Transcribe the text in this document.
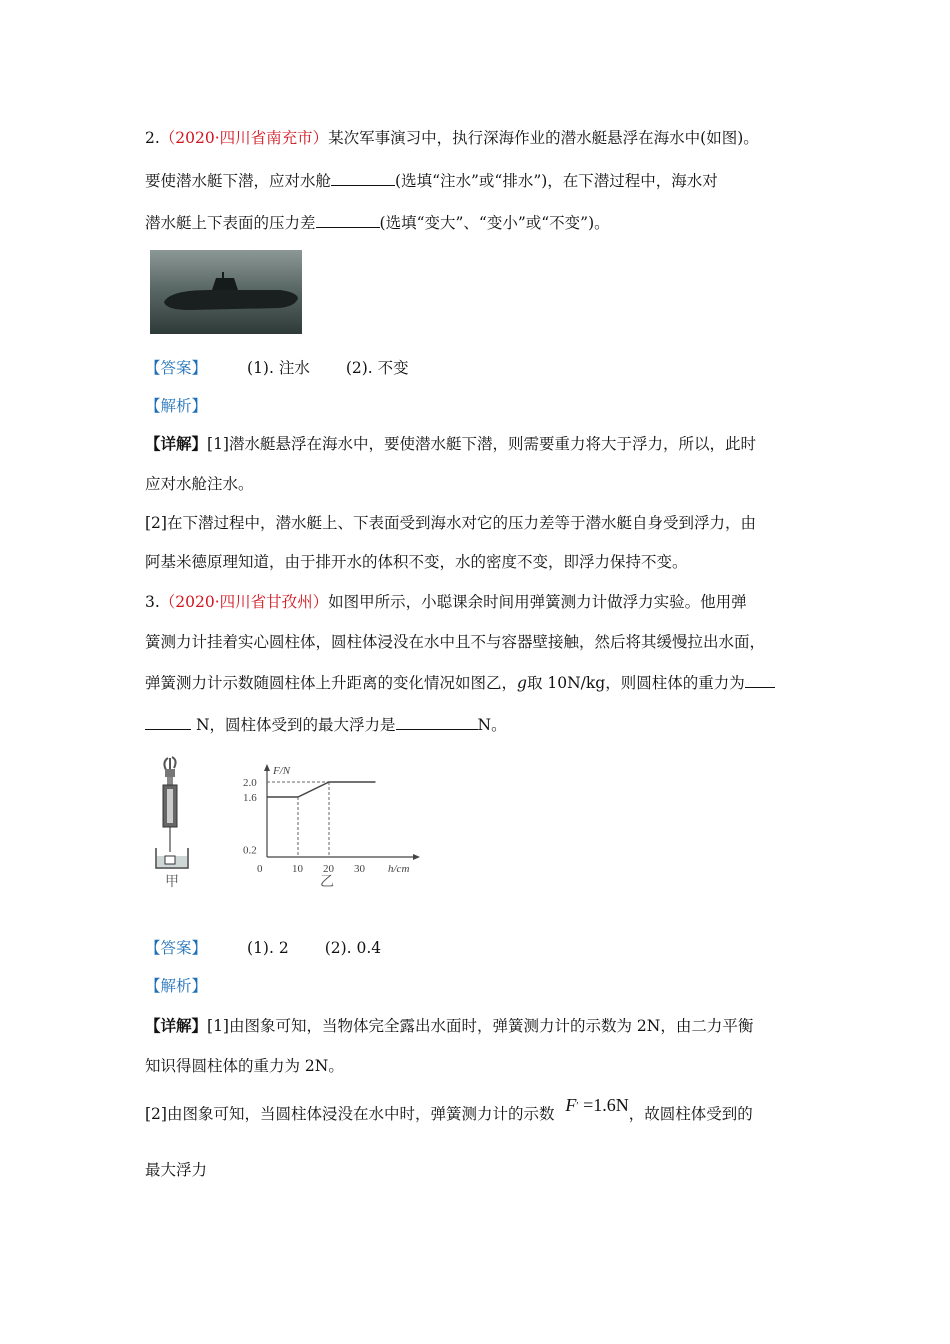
2.（2020·四川省南充市）某次军事演习中，执行深海作业的潜水艇悬浮在海水中(如图)。
要使潜水艇下潜，应对水舱	(选填“注水”或“排水”)，在下潜过程中，海水对
潜水艇上下表面的压力差	(选填“变大”、“变小”或“不变”)。
【答案】	(1). 注水 (2). 不变
【解析】
【详解】[1]潜水艇悬浮在海水中，要使潜水艇下潜，则需要重力将大于浮力，所以，此时
应对水舱注水。
[2]在下潜过程中，潜水艇上、下表面受到海水对它的压力差等于潜水艇自身受到浮力，由
阿基米德原理知道，由于排开水的体积不变，水的密度不变，即浮力保持不变。
3.（2020·四川省甘孜州）如图甲所示，小聪课余时间用弹簧测力计做浮力实验。他用弹
簧测力计挂着实心圆柱体，圆柱体浸没在水中且不与容器壁接触，然后将其缓慢拉出水面，
弹簧测力计示数随圆柱体上升距离的变化情况如图乙，g取 10N/kg，则圆柱体的重力为
N，圆柱体受到的最大浮力是	N。
甲
0	10 20 30
0.2
1.6
2.0
F/N
h/cm
乙
【答案】	(1). 2 (2). 0.4
【解析】
【详解】[1]由图象可知，当物体完全露出水面时，弹簧测力计的示数为 2N，由二力平衡
知识得圆柱体的重力为 2N。
[2]由图象可知，当圆柱体浸没在水中时，弹簧测力计的示数 F′ =1.6N，故圆柱体受到的
最大浮力
